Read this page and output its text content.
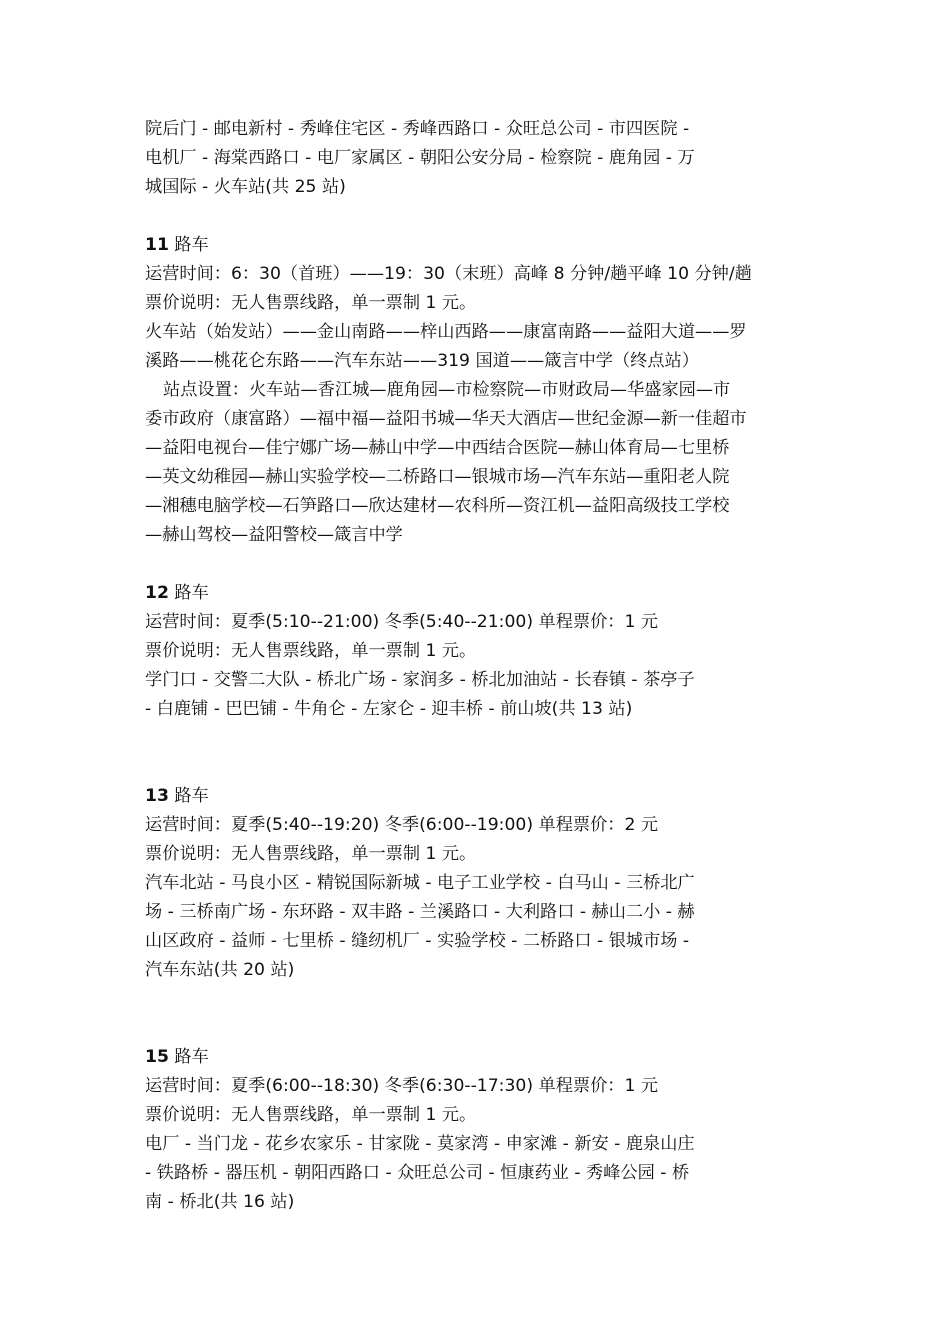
院后门 - 邮电新村 - 秀峰住宅区 - 秀峰西路口 - 众旺总公司 - 市四医院 -
电机厂 - 海棠西路口 - 电厂家属区 - 朝阳公安分局 - 检察院 - 鹿角园 - 万
城国际 - 火车站(共 25 站)
11 路车
运营时间：6：30（首班）——19：30（末班）高峰 8 分钟/趟平峰 10 分钟/趟
票价说明：无人售票线路，单一票制 1 元。
火车站（始发站）——金山南路——梓山西路——康富南路——益阳大道——罗
溪路——桃花仑东路——汽车东站——319 国道——箴言中学（终点站）
站点设置：火车站—香江城—鹿角园—市检察院—市财政局—华盛家园—市
委市政府（康富路）—福中福—益阳书城—华天大酒店—世纪金源—新一佳超市
—益阳电视台—佳宁娜广场—赫山中学—中西结合医院—赫山体育局—七里桥
—英文幼稚园—赫山实验学校—二桥路口—银城市场—汽车东站—重阳老人院
—湘穗电脑学校—石笋路口—欣达建材—农科所—资江机—益阳高级技工学校
—赫山驾校—益阳警校—箴言中学
12 路车
运营时间：夏季(5:10--21:00) 冬季(5:40--21:00) 单程票价：1 元
票价说明：无人售票线路，单一票制 1 元。
学门口 - 交警二大队 - 桥北广场 - 家润多 - 桥北加油站 - 长春镇 - 茶亭子
- 白鹿铺 - 巴巴铺 - 牛角仑 - 左家仑 - 迎丰桥 - 前山坡(共 13 站)
13 路车
运营时间：夏季(5:40--19:20) 冬季(6:00--19:00) 单程票价：2 元
票价说明：无人售票线路，单一票制 1 元。
汽车北站 - 马良小区 - 精锐国际新城 - 电子工业学校 - 白马山 - 三桥北广
场 - 三桥南广场 - 东环路 - 双丰路 - 兰溪路口 - 大利路口 - 赫山二小 - 赫
山区政府 - 益师 - 七里桥 - 缝纫机厂 - 实验学校 - 二桥路口 - 银城市场 -
汽车东站(共 20 站)
15 路车
运营时间：夏季(6:00--18:30) 冬季(6:30--17:30) 单程票价：1 元
票价说明：无人售票线路，单一票制 1 元。
电厂 - 当门龙 - 花乡农家乐 - 甘家陇 - 莫家湾 - 申家滩 - 新安 - 鹿泉山庄
- 铁路桥 - 器压机 - 朝阳西路口 - 众旺总公司 - 恒康药业 - 秀峰公园 - 桥
南 - 桥北(共 16 站)
